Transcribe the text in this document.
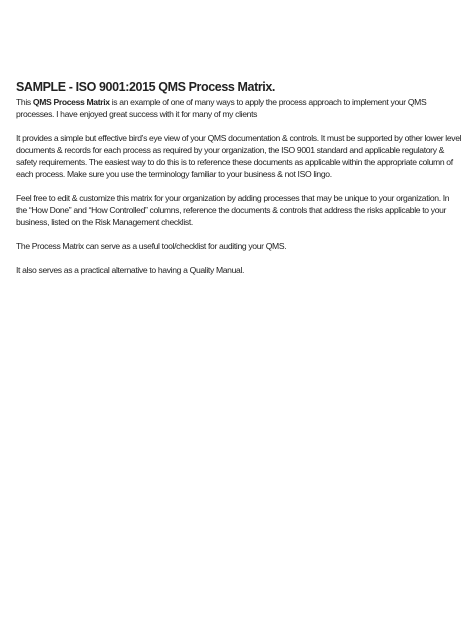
SAMPLE - ISO 9001:2015 QMS Process Matrix.

This QMS Process Matrix is an example of one of many ways to apply the process approach to implement your QMS processes. I have enjoyed great success with it for many of my clients

It provides a simple but effective bird’s eye view of your QMS documentation & controls. It must be supported by other lower level documents & records for each process as required by your organization, the ISO 9001 standard and applicable regulatory & safety requirements. The easiest way to do this is to reference these documents as applicable within the appropriate column of each process. Make sure you use the terminology familiar to your business & not ISO lingo.

Feel free to edit & customize this matrix for your organization by adding processes that may be unique to your organization. In the “How Done” and “How Controlled” columns, reference the documents & controls that address the risks applicable to your business, listed on the Risk Management checklist.

The Process Matrix can serve as a useful tool/checklist for auditing your QMS.

It also serves as a practical alternative to having a Quality Manual.
